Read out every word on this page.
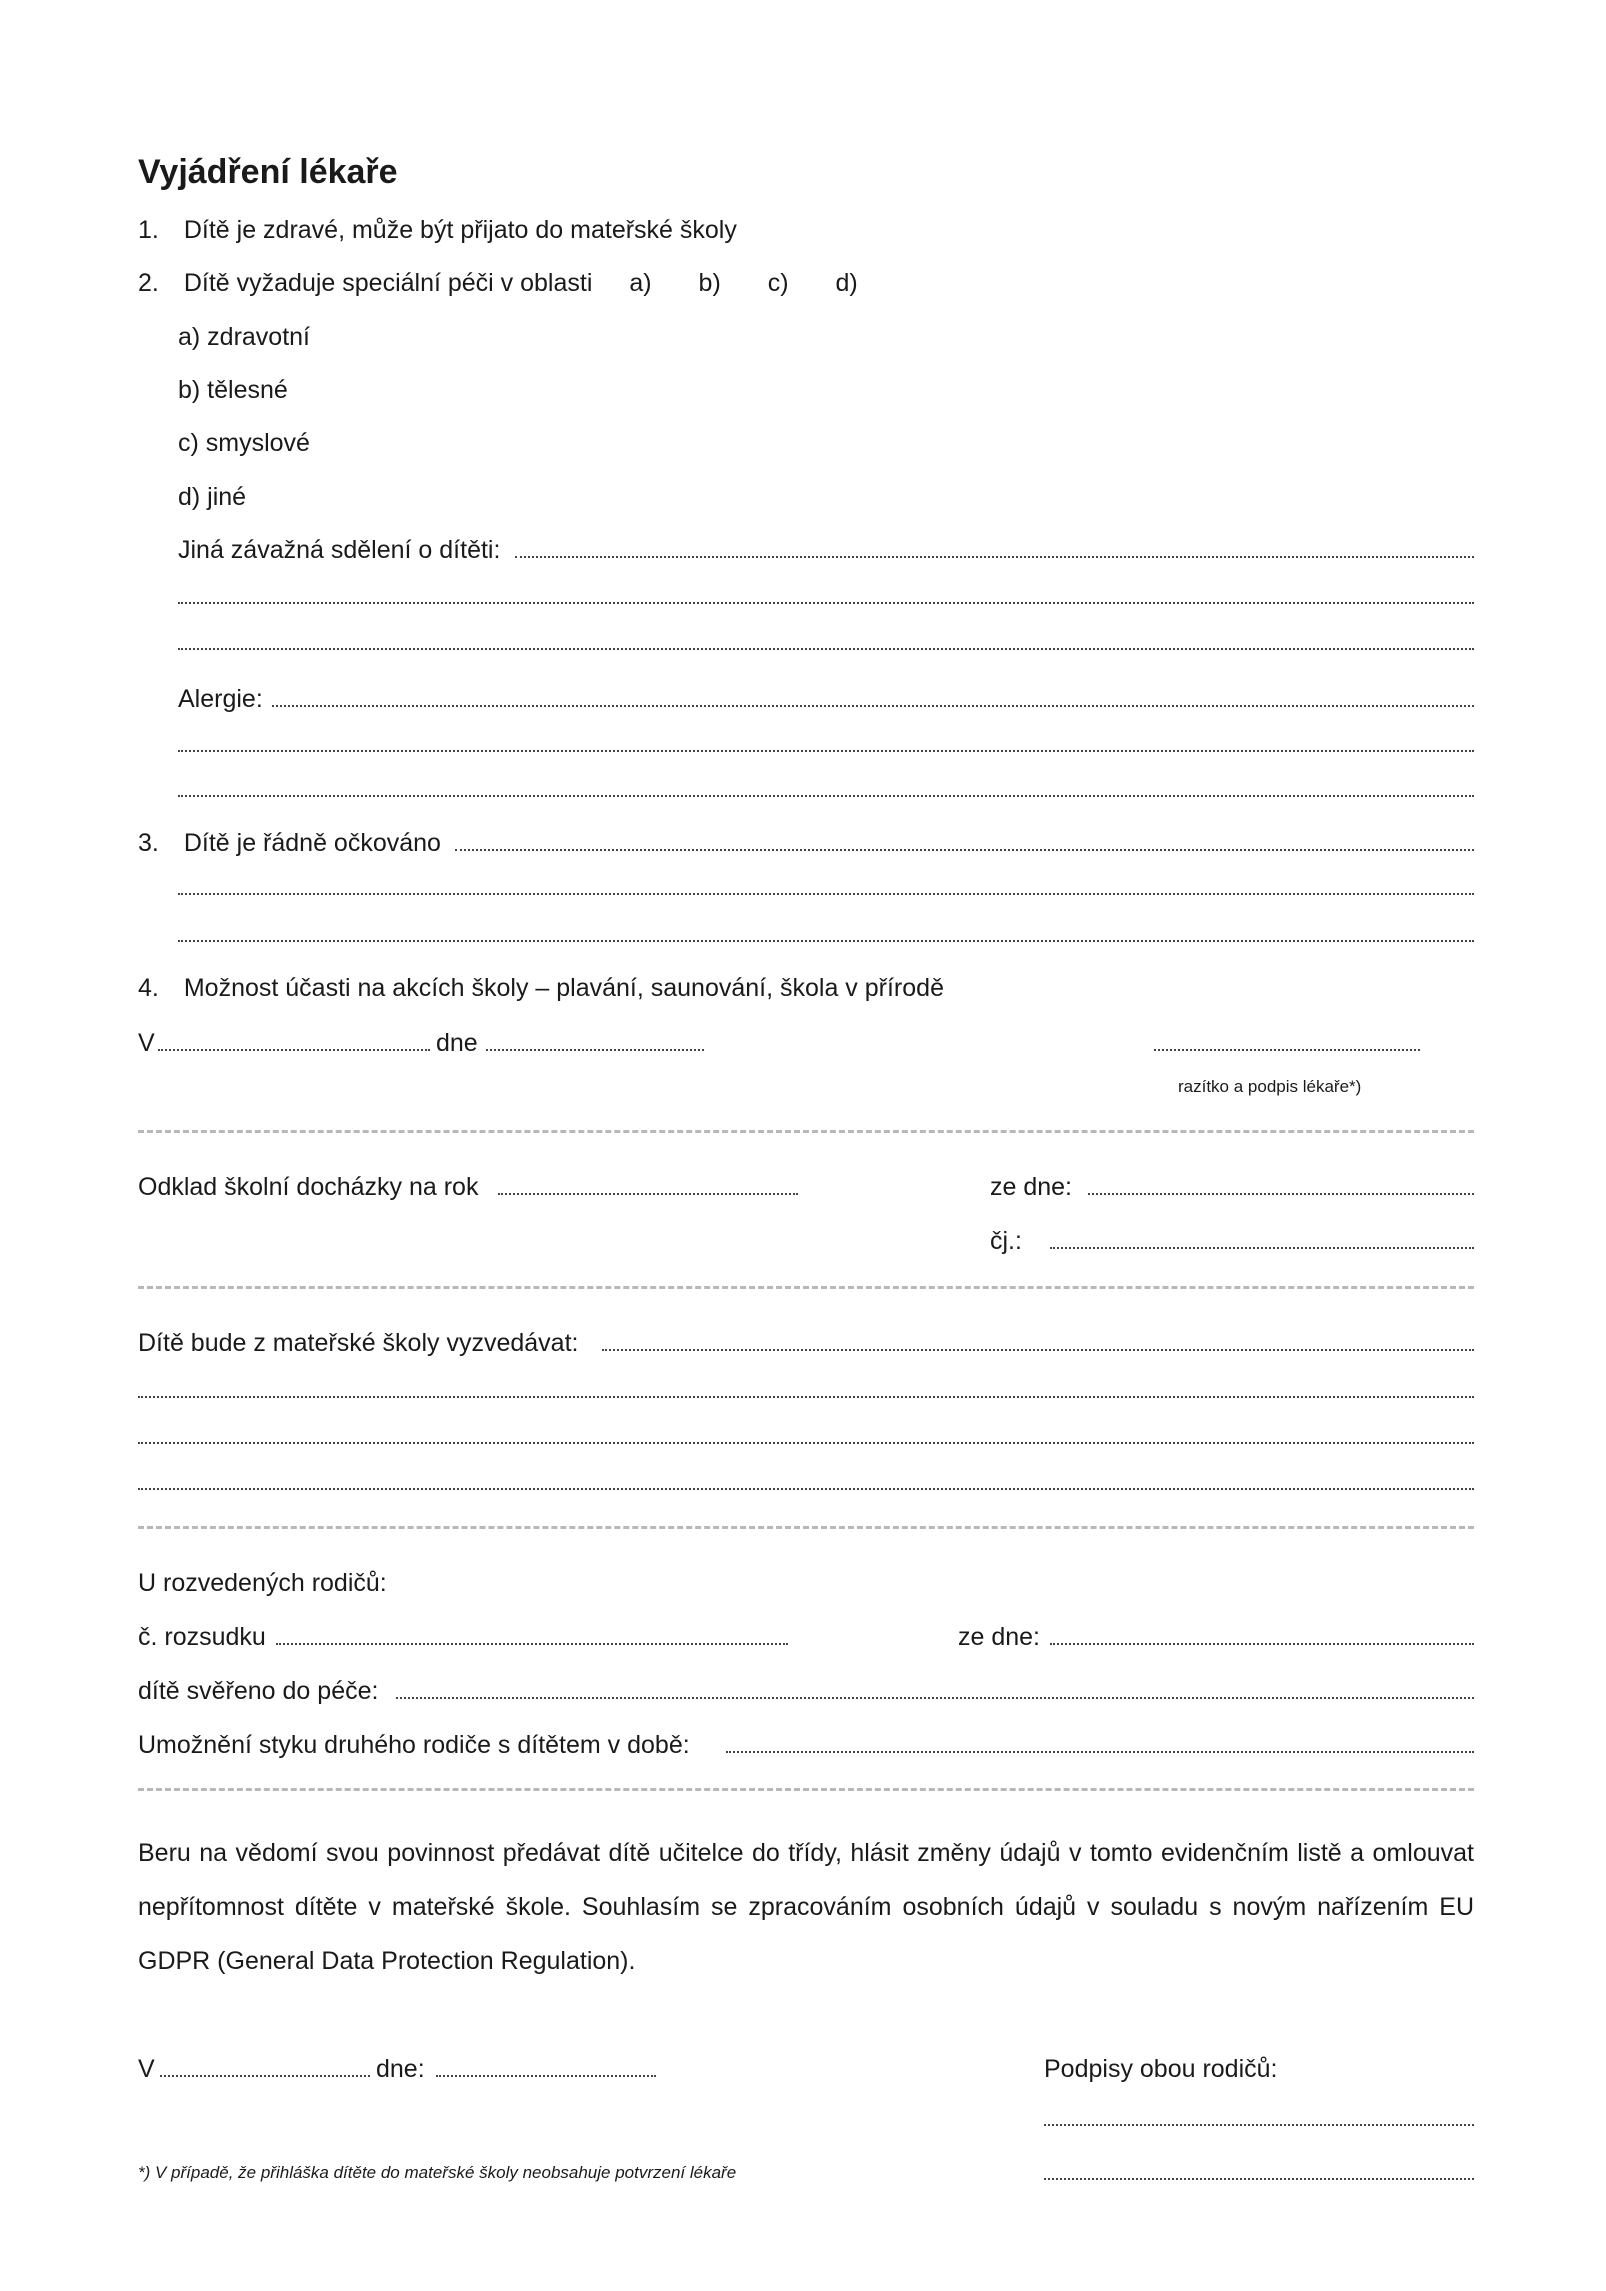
Vyjádření lékaře
1. Dítě je zdravé, může být přijato do mateřské školy
2. Dítě vyžaduje speciální péči v oblasti a) b) c) d)
a) zdravotní
b) tělesné
c) smyslové
d) jiné
Jiná závažná sdělení o dítěti:
Alergie:
3. Dítě je řádně očkováno
4. Možnost účasti na akcích školy – plavání, saunování, škola v přírodě
V	dne
razítko a podpis lékaře*)
Odklad školní docházky na rok	ze dne:
čj.:
Dítě bude z mateřské školy vyzvedávat:
U rozvedených rodičů:
č. rozsudku	ze dne:
dítě svěřeno do péče:
Umožnění styku druhého rodiče s dítětem v době:
Beru na vědomí svou povinnost předávat dítě učitelce do třídy, hlásit změny údajů v tomto evidenčním listě a omlouvat nepřítomnost dítěte v mateřské škole. Souhlasím se zpracováním osobních údajů v souladu s novým nařízením EU GDPR (General Data Protection Regulation).
V	dne:	Podpisy obou rodičů:
*) V případě, že přihláška dítěte do mateřské školy neobsahuje potvrzení lékaře
